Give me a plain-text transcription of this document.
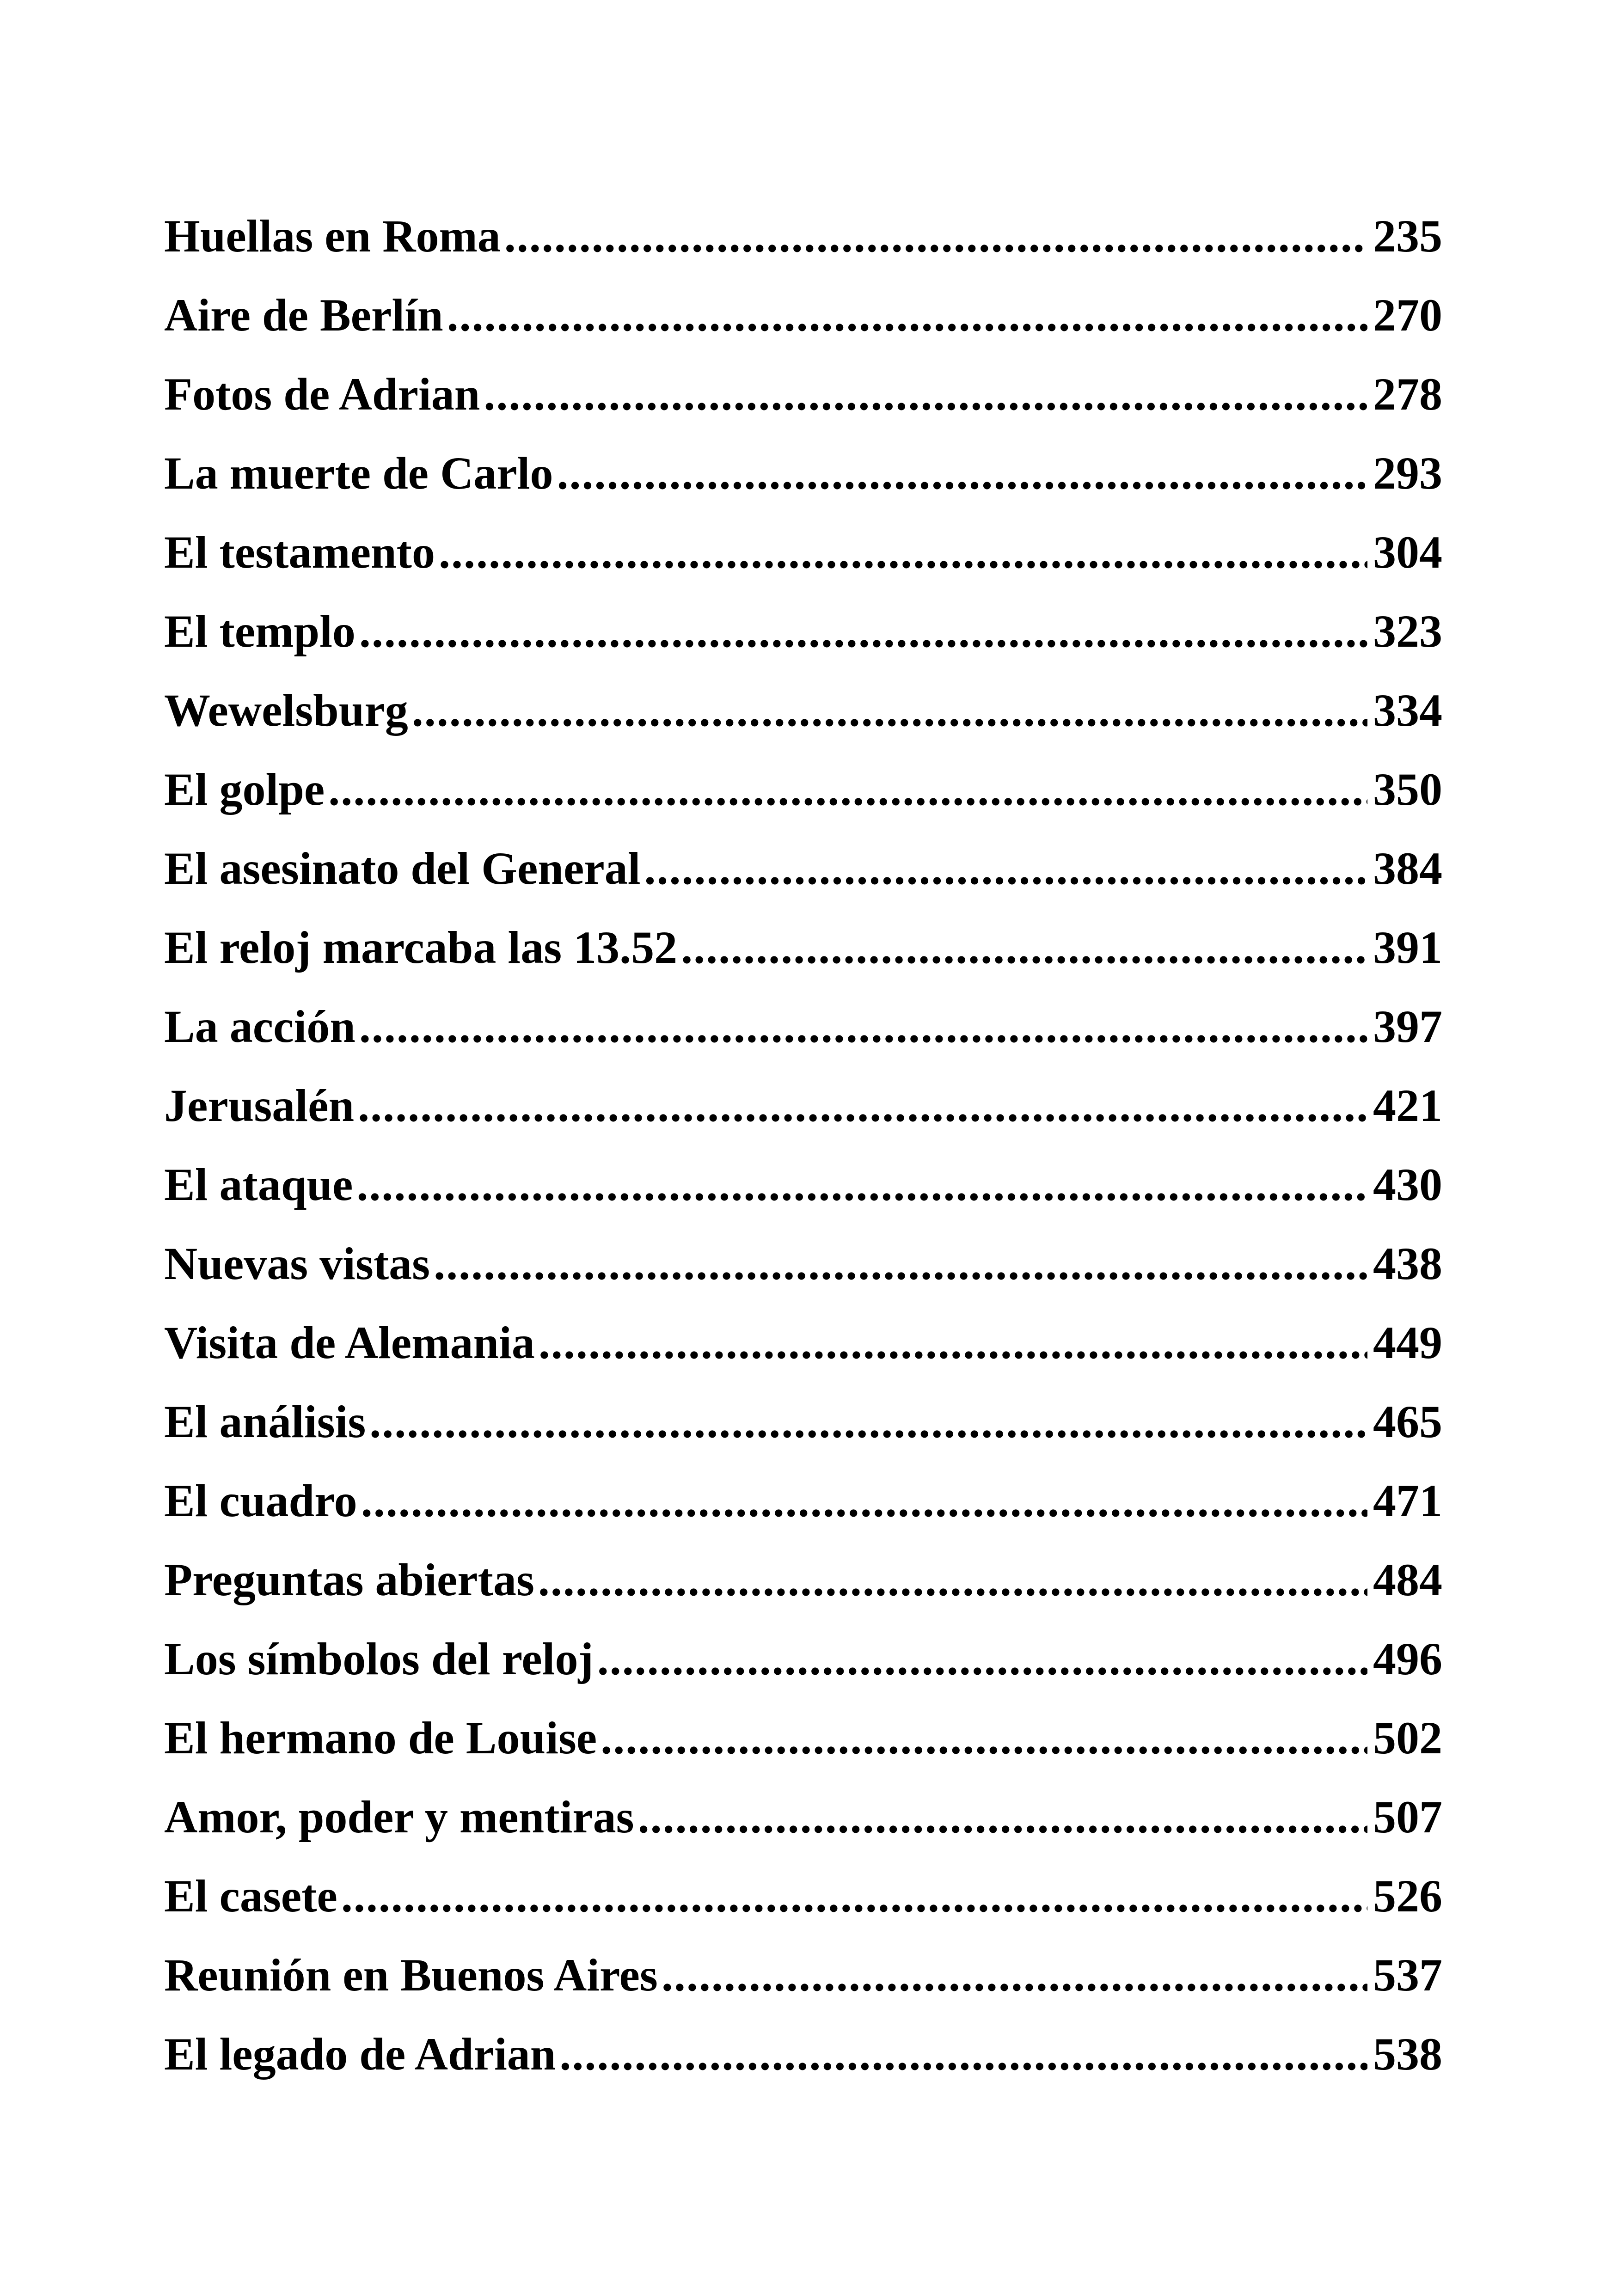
Huellas en Roma .....	235
Aire de Berlín .....	270
Fotos de Adrian .....	278
La muerte de Carlo .....	293
El testamento .....	304
El templo .....	323
Wewelsburg .....	334
El golpe .....	350
El asesinato del General .....	384
El reloj marcaba las 13.52 .....	391
La acción .....	397
Jerusalén .....	421
El ataque .....	430
Nuevas vistas .....	438
Visita de Alemania .....	449
El análisis .....	465
El cuadro .....	471
Preguntas abiertas .....	484
Los símbolos del reloj .....	496
El hermano de Louise .....	502
Amor, poder y mentiras .....	507
El casete .....	526
Reunión en Buenos Aires .....	537
El legado de Adrian .....	538
